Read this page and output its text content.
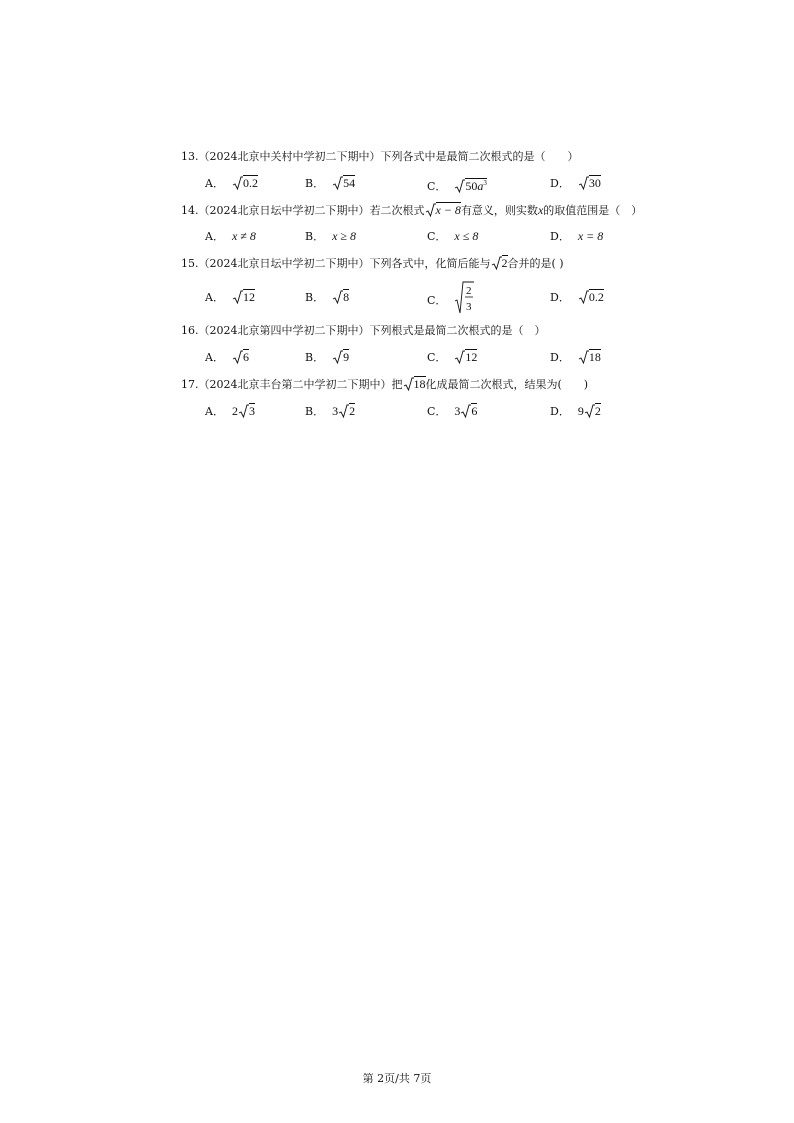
13.（2024北京中关村中学初二下期中）下列各式中是最简二次根式的是（　　）
A． 0.2	B． 54	C． $50a^3$	D． 30
14.（2024北京日坛中学初二下期中）若二次根式 x − 8有意义，则实数x的取值范围是（　）
A． x ≠ 8	B． x ≥ 8	C． x ≤ 8	D． x = 8
15.（2024北京日坛中学初二下期中）下列各式中，化简后能与 2合并的是( )
A． 12	B． 8	C．
2
3
D． 0.2
16.（2024北京第四中学初二下期中）下列根式是最简二次根式的是（　）
A． 6	B． 9	C． 12	D． 18
17.（2024北京丰台第二中学初二下期中）把 18化成最简二次根式，结果为(　　)
A． 2 3	B． 3 2	C． 3 6	D． 9 2
第 2页/共 7页
